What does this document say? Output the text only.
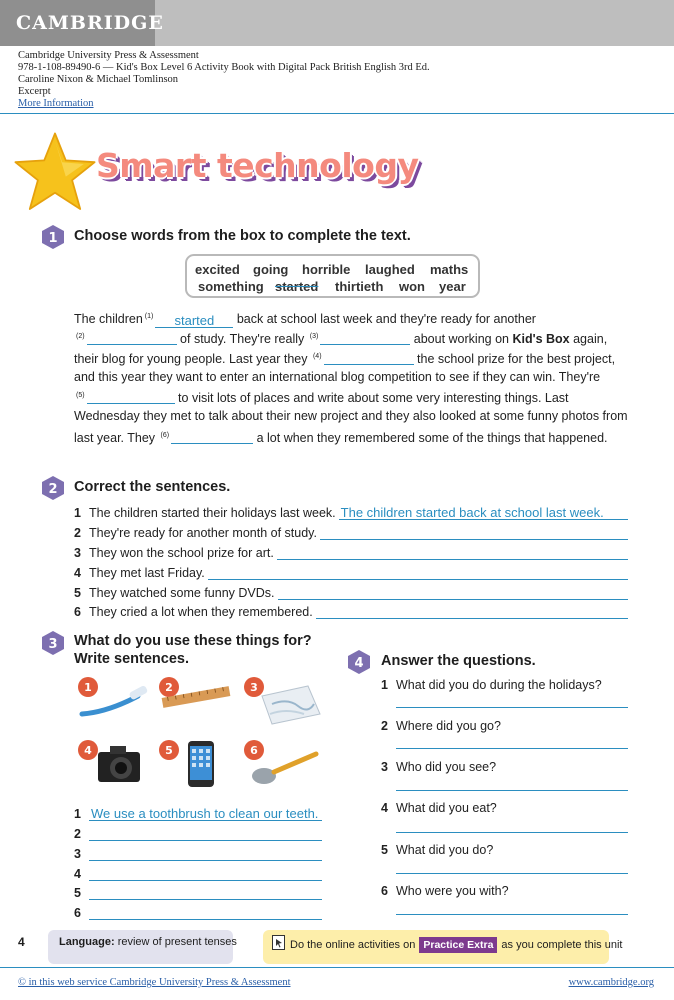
CAMBRIDGE
Cambridge University Press & Assessment
978-1-108-89490-6 — Kid's Box Level 6 Activity Book with Digital Pack British English 3rd Ed.
Caroline Nixon & Michael Tomlinson
Excerpt
More Information
Smart technology
1 Choose words from the box to complete the text.
excited going horrible laughed maths
something started thirtieth won year
The children $^{(1)}$ started back at school last week and they're ready for another
$^{(2)}$	of study. They're really $^{(3)}$	about working on Kid's Box again,
their blog for young people. Last year they $^{(4)}$	the school prize for the best project,
and this year they want to enter an international blog competition to see if they can win. They're
$^{(5)}$	to visit lots of places and write about some very interesting things. Last
Wednesday they met to talk about their new project and they also looked at some funny photos from
last year. They $^{(6)}$	a lot when they remembered some of the things that happened.
2 Correct the sentences.
1 The children started their holidays last week. The children started back at school last week.
2 They're ready for another month of study.
3 They won the school prize for art.
4 They met last Friday.
5 They watched some funny DVDs.
6 They cried a lot when they remembered.
3 What do you use these things for?
Write sentences.
1	2	3
4	5	6
1 We use a toothbrush to clean our teeth.
2
3
4
5
6
4 Answer the questions.
1 What did you do during the holidays?
2 Where did you go?
3 Who did you see?
4 What did you eat?
5 What did you do?
6 Who were you with?
4	Language: review of present tenses	Do the online activities on Practice Extra as you complete this unit
© in this web service Cambridge University Press & Assessment	www.cambridge.org
